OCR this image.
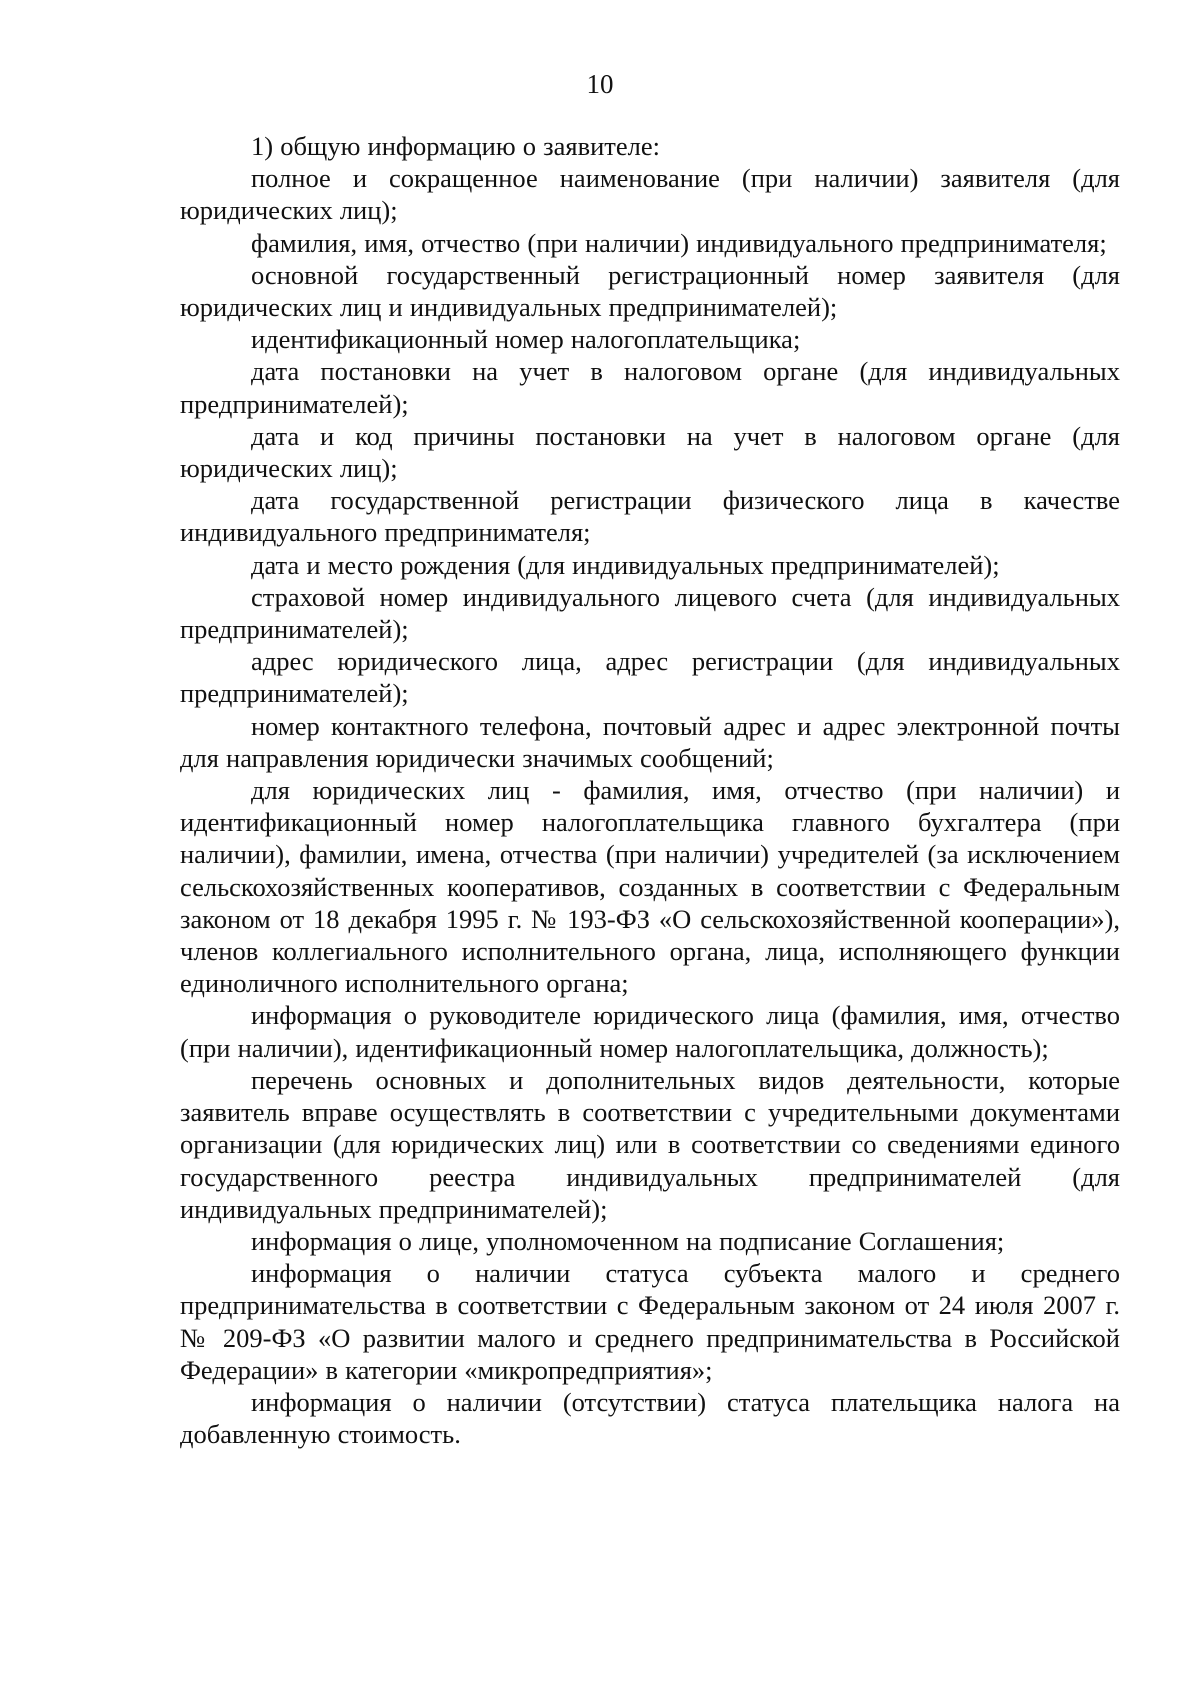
10

1) общую информацию о заявителе:

полное и сокращенное наименование (при наличии) заявителя (для юридических лиц);

фамилия, имя, отчество (при наличии) индивидуального предпринимателя;

основной государственный регистрационный номер заявителя (для юридических лиц и индивидуальных предпринимателей);

идентификационный номер налогоплательщика;

дата постановки на учет в налоговом органе (для индивидуальных предпринимателей);

дата и код причины постановки на учет в налоговом органе (для юридических лиц);

дата государственной регистрации физического лица в качестве индивидуального предпринимателя;

дата и место рождения (для индивидуальных предпринимателей);

страховой номер индивидуального лицевого счета (для индивидуальных предпринимателей);

адрес юридического лица, адрес регистрации (для индивидуальных предпринимателей);

номер контактного телефона, почтовый адрес и адрес электронной почты для направления юридически значимых сообщений;

для юридических лиц - фамилия, имя, отчество (при наличии) и идентификационный номер налогоплательщика главного бухгалтера (при наличии), фамилии, имена, отчества (при наличии) учредителей (за исключением сельскохозяйственных кооперативов, созданных в соответствии с Федеральным законом от 18 декабря 1995 г. № 193-ФЗ «О сельскохозяйственной кооперации»), членов коллегиального исполнительного органа, лица, исполняющего функции единоличного исполнительного органа;

информация о руководителе юридического лица (фамилия, имя, отчество (при наличии), идентификационный номер налогоплательщика, должность);

перечень основных и дополнительных видов деятельности, которые заявитель вправе осуществлять в соответствии с учредительными документами организации (для юридических лиц) или в соответствии со сведениями единого государственного реестра индивидуальных предпринимателей (для индивидуальных предпринимателей);

информация о лице, уполномоченном на подписание Соглашения;

информация о наличии статуса субъекта малого и среднего предпринимательства в соответствии с Федеральным законом от 24 июля 2007 г. № 209-ФЗ «О развитии малого и среднего предпринимательства в Российской Федерации» в категории «микропредприятия»;

информация о наличии (отсутствии) статуса плательщика налога на добавленную стоимость.
